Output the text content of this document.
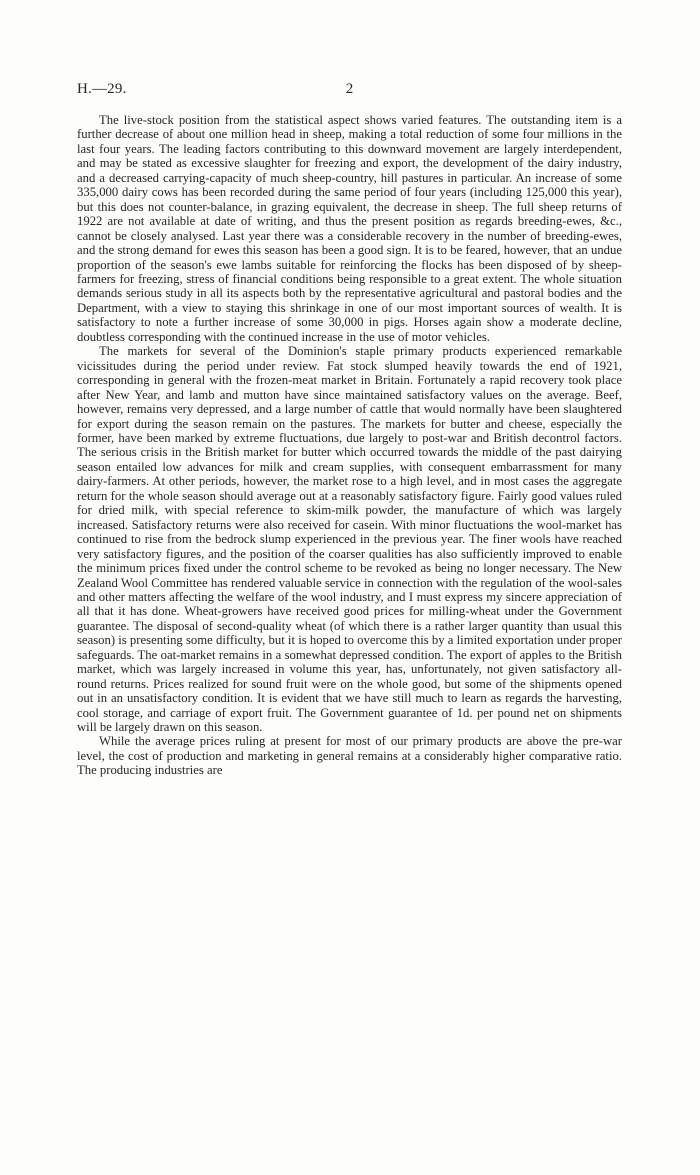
H.—29.	2

The live-stock position from the statistical aspect shows varied features. The outstanding item is a further decrease of about one million head in sheep, making a total reduction of some four millions in the last four years. The leading factors contributing to this downward movement are largely interdependent, and may be stated as excessive slaughter for freezing and export, the development of the dairy industry, and a decreased carrying-capacity of much sheep-country, hill pastures in particular. An increase of some 335,000 dairy cows has been recorded during the same period of four years (including 125,000 this year), but this does not counter-balance, in grazing equivalent, the decrease in sheep. The full sheep returns of 1922 are not available at date of writing, and thus the present position as regards breeding-ewes, &c., cannot be closely analysed. Last year there was a considerable recovery in the number of breeding-ewes, and the strong demand for ewes this season has been a good sign. It is to be feared, however, that an undue proportion of the season's ewe lambs suitable for reinforcing the flocks has been disposed of by sheep-farmers for freezing, stress of financial conditions being responsible to a great extent. The whole situation demands serious study in all its aspects both by the representative agricultural and pastoral bodies and the Department, with a view to staying this shrinkage in one of our most important sources of wealth. It is satisfactory to note a further increase of some 30,000 in pigs. Horses again show a moderate decline, doubtless corresponding with the continued increase in the use of motor vehicles.

The markets for several of the Dominion's staple primary products experienced remarkable vicissitudes during the period under review. Fat stock slumped heavily towards the end of 1921, corresponding in general with the frozen-meat market in Britain. Fortunately a rapid recovery took place after New Year, and lamb and mutton have since maintained satisfactory values on the average. Beef, however, remains very depressed, and a large number of cattle that would normally have been slaughtered for export during the season remain on the pastures. The markets for butter and cheese, especially the former, have been marked by extreme fluctuations, due largely to post-war and British decontrol factors. The serious crisis in the British market for butter which occurred towards the middle of the past dairying season entailed low advances for milk and cream supplies, with consequent embarrassment for many dairy-farmers. At other periods, however, the market rose to a high level, and in most cases the aggregate return for the whole season should average out at a reasonably satisfactory figure. Fairly good values ruled for dried milk, with special reference to skim-milk powder, the manufacture of which was largely increased. Satisfactory returns were also received for casein. With minor fluctuations the wool-market has continued to rise from the bedrock slump experienced in the previous year. The finer wools have reached very satisfactory figures, and the position of the coarser qualities has also sufficiently improved to enable the minimum prices fixed under the control scheme to be revoked as being no longer necessary. The New Zealand Wool Committee has rendered valuable service in connection with the regulation of the wool-sales and other matters affecting the welfare of the wool industry, and I must express my sincere appreciation of all that it has done. Wheat-growers have received good prices for milling-wheat under the Government guarantee. The disposal of second-quality wheat (of which there is a rather larger quantity than usual this season) is presenting some difficulty, but it is hoped to overcome this by a limited exportation under proper safeguards. The oat-market remains in a somewhat depressed condition. The export of apples to the British market, which was largely increased in volume this year, has, unfortunately, not given satisfactory all-round returns. Prices realized for sound fruit were on the whole good, but some of the shipments opened out in an unsatisfactory condition. It is evident that we have still much to learn as regards the harvesting, cool storage, and carriage of export fruit. The Government guarantee of 1d. per pound net on shipments will be largely drawn on this season.

While the average prices ruling at present for most of our primary products are above the pre-war level, the cost of production and marketing in general remains at a considerably higher comparative ratio. The producing industries are
